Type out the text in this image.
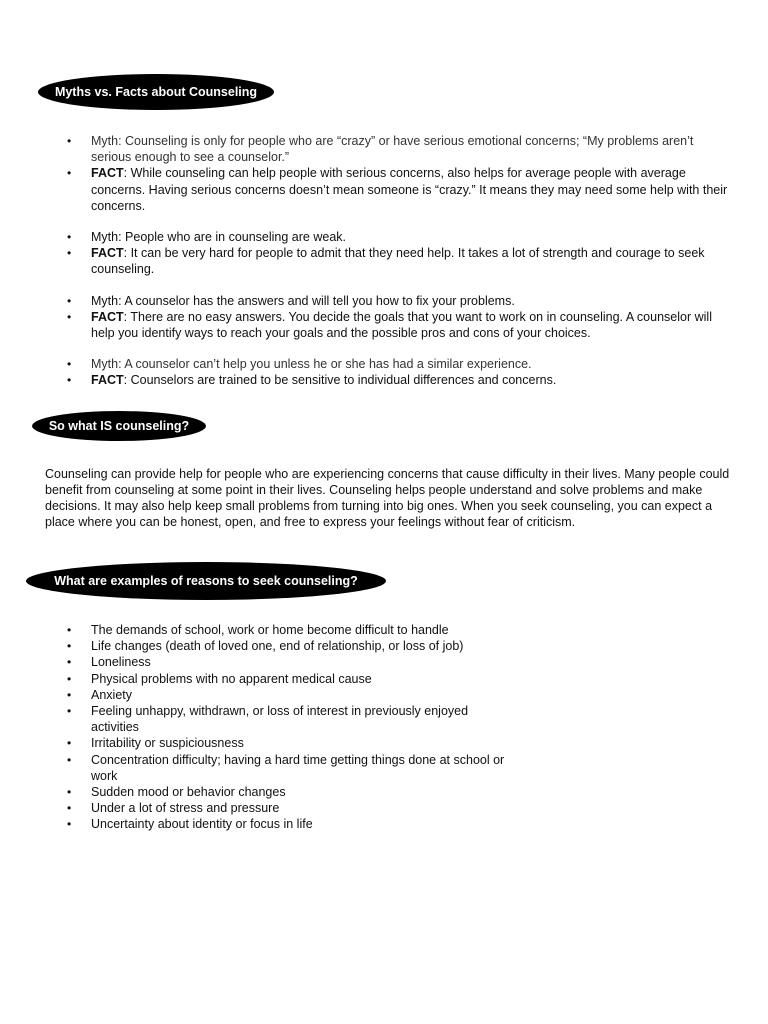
Myths vs. Facts about Counseling
• Myth: Counseling is only for people who are “crazy” or have serious emotional concerns; “My problems aren’t serious enough to see a counselor.”
• FACT: While counseling can help people with serious concerns, also helps for average people with average concerns. Having serious concerns doesn’t mean someone is “crazy.” It means they may need some help with their concerns.
• Myth: People who are in counseling are weak.
• FACT: It can be very hard for people to admit that they need help. It takes a lot of strength and courage to seek counseling.
• Myth: A counselor has the answers and will tell you how to fix your problems.
• FACT: There are no easy answers. You decide the goals that you want to work on in counseling. A counselor will help you identify ways to reach your goals and the possible pros and cons of your choices.
• Myth: A counselor can’t help you unless he or she has had a similar experience.
• FACT: Counselors are trained to be sensitive to individual differences and concerns.
So what IS counseling?

Counseling can provide help for people who are experiencing concerns that cause difficulty in their lives. Many people could benefit from counseling at some point in their lives. Counseling helps people understand and solve problems and make decisions. It may also help keep small problems from turning into big ones. When you seek counseling, you can expect a place where you can be honest, open, and free to express your feelings without fear of criticism.

What are examples of reasons to seek counseling?
• The demands of school, work or home become difficult to handle
• Life changes (death of loved one, end of relationship, or loss of job)
• Loneliness
• Physical problems with no apparent medical cause
• Anxiety
• Feeling unhappy, withdrawn, or loss of interest in previously enjoyed activities
• Irritability or suspiciousness
• Concentration difficulty; having a hard time getting things done at school or work
• Sudden mood or behavior changes
• Under a lot of stress and pressure
• Uncertainty about identity or focus in life
